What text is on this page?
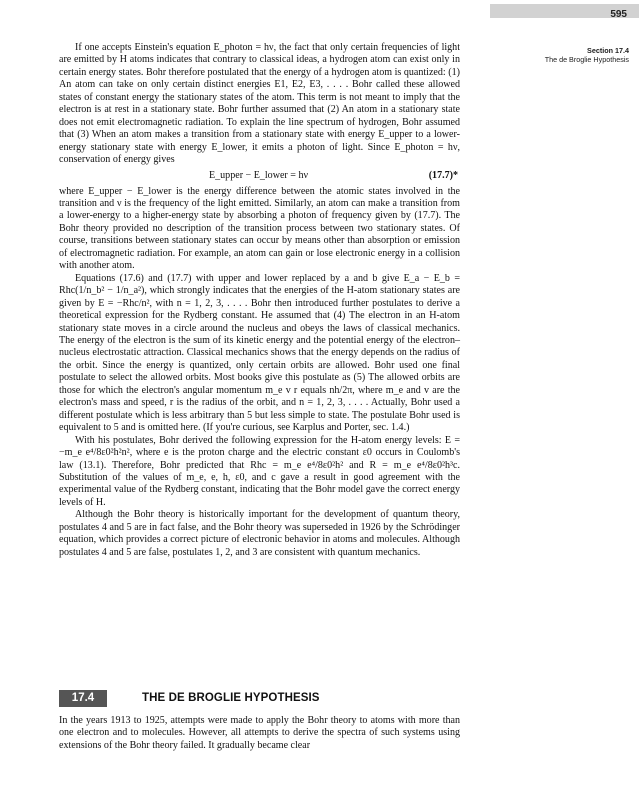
595
Section 17.4
The de Broglie Hypothesis

If one accepts Einstein's equation E_photon = hν, the fact that only certain frequencies of light are emitted by H atoms indicates that contrary to classical ideas, a hydrogen atom can exist only in certain energy states. Bohr therefore postulated that the energy of a hydrogen atom is quantized: (1) An atom can take on only certain distinct energies E1, E2, E3, . . . . Bohr called these allowed states of constant energy the stationary states of the atom. This term is not meant to imply that the electron is at rest in a stationary state. Bohr further assumed that (2) An atom in a stationary state does not emit electromagnetic radiation. To explain the line spectrum of hydrogen, Bohr assumed that (3) When an atom makes a transition from a stationary state with energy E_upper to a lower-energy stationary state with energy E_lower, it emits a photon of light. Since E_photon = hν, conservation of energy gives

E_upper − E_lower = hν	(17.7)*

where E_upper − E_lower is the energy difference between the atomic states involved in the transition and ν is the frequency of the light emitted. Similarly, an atom can make a transition from a lower-energy to a higher-energy state by absorbing a photon of frequency given by (17.7). The Bohr theory provided no description of the transition process between two stationary states. Of course, transitions between stationary states can occur by means other than absorption or emission of electromagnetic radiation. For example, an atom can gain or lose electronic energy in a collision with another atom.

Equations (17.6) and (17.7) with upper and lower replaced by a and b give E_a − E_b = Rhc(1/n_b² − 1/n_a²), which strongly indicates that the energies of the H-atom stationary states are given by E = −Rhc/n², with n = 1, 2, 3, . . . . Bohr then introduced further postulates to derive a theoretical expression for the Rydberg constant. He assumed that (4) The electron in an H-atom stationary state moves in a circle around the nucleus and obeys the laws of classical mechanics. The energy of the electron is the sum of its kinetic energy and the potential energy of the electron–nucleus electrostatic attraction. Classical mechanics shows that the energy depends on the radius of the orbit. Since the energy is quantized, only certain orbits are allowed. Bohr used one final postulate to select the allowed orbits. Most books give this postulate as (5) The allowed orbits are those for which the electron's angular momentum m_e v r equals nh/2π, where m_e and v are the electron's mass and speed, r is the radius of the orbit, and n = 1, 2, 3, . . . . Actually, Bohr used a different postulate which is less arbitrary than 5 but less simple to state. The postulate Bohr used is equivalent to 5 and is omitted here. (If you're curious, see Karplus and Porter, sec. 1.4.)

With his postulates, Bohr derived the following expression for the H-atom energy levels: E = −m_e e⁴/8ε0²h²n², where e is the proton charge and the electric constant ε0 occurs in Coulomb's law (13.1). Therefore, Bohr predicted that Rhc = m_e e⁴/8ε0²h² and R = m_e e⁴/8ε0²h³c. Substitution of the values of m_e, e, h, ε0, and c gave a result in good agreement with the experimental value of the Rydberg constant, indicating that the Bohr model gave the correct energy levels of H.

Although the Bohr theory is historically important for the development of quantum theory, postulates 4 and 5 are in fact false, and the Bohr theory was superseded in 1926 by the Schrödinger equation, which provides a correct picture of electronic behavior in atoms and molecules. Although postulates 4 and 5 are false, postulates 1, 2, and 3 are consistent with quantum mechanics.

17.4	THE DE BROGLIE HYPOTHESIS

In the years 1913 to 1925, attempts were made to apply the Bohr theory to atoms with more than one electron and to molecules. However, all attempts to derive the spectra of such systems using extensions of the Bohr theory failed. It gradually became clear
